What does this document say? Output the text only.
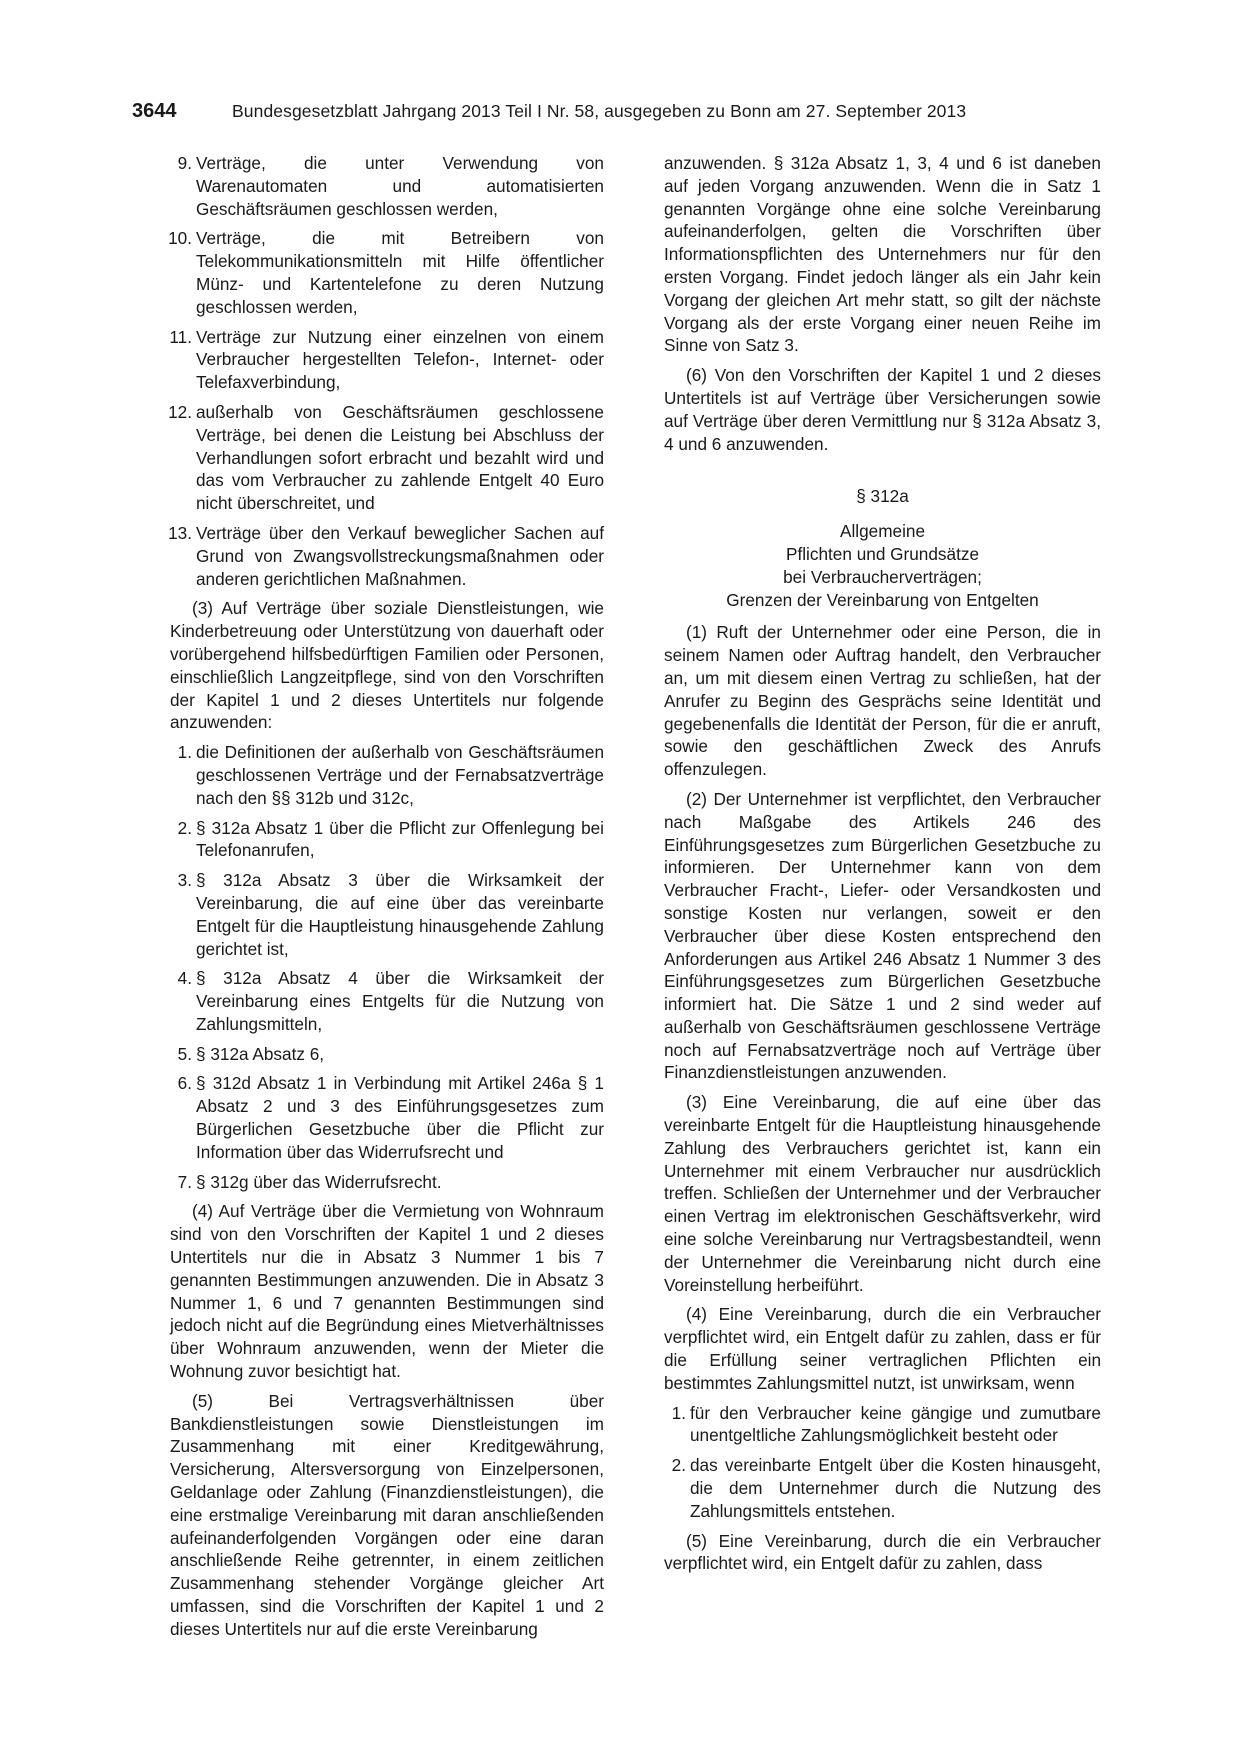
3644	Bundesgesetzblatt Jahrgang 2013 Teil I Nr. 58, ausgegeben zu Bonn am 27. September 2013
9. Verträge, die unter Verwendung von Warenautomaten und automatisierten Geschäftsräumen geschlossen werden,
10. Verträge, die mit Betreibern von Telekommunikationsmitteln mit Hilfe öffentlicher Münz- und Kartentelefone zu deren Nutzung geschlossen werden,
11. Verträge zur Nutzung einer einzelnen von einem Verbraucher hergestellten Telefon-, Internet- oder Telefaxverbindung,
12. außerhalb von Geschäftsräumen geschlossene Verträge, bei denen die Leistung bei Abschluss der Verhandlungen sofort erbracht und bezahlt wird und das vom Verbraucher zu zahlende Entgelt 40 Euro nicht überschreitet, und
13. Verträge über den Verkauf beweglicher Sachen auf Grund von Zwangsvollstreckungsmaßnahmen oder anderen gerichtlichen Maßnahmen.

(3) Auf Verträge über soziale Dienstleistungen, wie Kinderbetreuung oder Unterstützung von dauerhaft oder vorübergehend hilfsbedürftigen Familien oder Personen, einschließlich Langzeitpflege, sind von den Vorschriften der Kapitel 1 und 2 dieses Untertitels nur folgende anzuwenden:

1. die Definitionen der außerhalb von Geschäftsräumen geschlossenen Verträge und der Fernabsatzverträge nach den §§ 312b und 312c,
2. § 312a Absatz 1 über die Pflicht zur Offenlegung bei Telefonanrufen,
3. § 312a Absatz 3 über die Wirksamkeit der Vereinbarung, die auf eine über das vereinbarte Entgelt für die Hauptleistung hinausgehende Zahlung gerichtet ist,
4. § 312a Absatz 4 über die Wirksamkeit der Vereinbarung eines Entgelts für die Nutzung von Zahlungsmitteln,
5. § 312a Absatz 6,
6. § 312d Absatz 1 in Verbindung mit Artikel 246a § 1 Absatz 2 und 3 des Einführungsgesetzes zum Bürgerlichen Gesetzbuche über die Pflicht zur Information über das Widerrufsrecht und
7. § 312g über das Widerrufsrecht.

(4) Auf Verträge über die Vermietung von Wohnraum sind von den Vorschriften der Kapitel 1 und 2 dieses Untertitels nur die in Absatz 3 Nummer 1 bis 7 genannten Bestimmungen anzuwenden. Die in Absatz 3 Nummer 1, 6 und 7 genannten Bestimmungen sind jedoch nicht auf die Begründung eines Mietverhältnisses über Wohnraum anzuwenden, wenn der Mieter die Wohnung zuvor besichtigt hat.

(5) Bei Vertragsverhältnissen über Bankdienstleistungen sowie Dienstleistungen im Zusammenhang mit einer Kreditgewährung, Versicherung, Altersversorgung von Einzelpersonen, Geldanlage oder Zahlung (Finanzdienstleistungen), die eine erstmalige Vereinbarung mit daran anschließenden aufeinanderfolgenden Vorgängen oder eine daran anschließende Reihe getrennter, in einem zeitlichen Zusammenhang stehender Vorgänge gleicher Art umfassen, sind die Vorschriften der Kapitel 1 und 2 dieses Untertitels nur auf die erste Vereinbarung

anzuwenden. § 312a Absatz 1, 3, 4 und 6 ist daneben auf jeden Vorgang anzuwenden. Wenn die in Satz 1 genannten Vorgänge ohne eine solche Vereinbarung aufeinanderfolgen, gelten die Vorschriften über Informationspflichten des Unternehmers nur für den ersten Vorgang. Findet jedoch länger als ein Jahr kein Vorgang der gleichen Art mehr statt, so gilt der nächste Vorgang als der erste Vorgang einer neuen Reihe im Sinne von Satz 3.

(6) Von den Vorschriften der Kapitel 1 und 2 dieses Untertitels ist auf Verträge über Versicherungen sowie auf Verträge über deren Vermittlung nur § 312a Absatz 3, 4 und 6 anzuwenden.

§ 312a
Allgemeine
Pflichten und Grundsätze
bei Verbraucherverträgen;
Grenzen der Vereinbarung von Entgelten

(1) Ruft der Unternehmer oder eine Person, die in seinem Namen oder Auftrag handelt, den Verbraucher an, um mit diesem einen Vertrag zu schließen, hat der Anrufer zu Beginn des Gesprächs seine Identität und gegebenenfalls die Identität der Person, für die er anruft, sowie den geschäftlichen Zweck des Anrufs offenzulegen.

(2) Der Unternehmer ist verpflichtet, den Verbraucher nach Maßgabe des Artikels 246 des Einführungsgesetzes zum Bürgerlichen Gesetzbuche zu informieren. Der Unternehmer kann von dem Verbraucher Fracht-, Liefer- oder Versandkosten und sonstige Kosten nur verlangen, soweit er den Verbraucher über diese Kosten entsprechend den Anforderungen aus Artikel 246 Absatz 1 Nummer 3 des Einführungsgesetzes zum Bürgerlichen Gesetzbuche informiert hat. Die Sätze 1 und 2 sind weder auf außerhalb von Geschäftsräumen geschlossene Verträge noch auf Fernabsatzverträge noch auf Verträge über Finanzdienstleistungen anzuwenden.

(3) Eine Vereinbarung, die auf eine über das vereinbarte Entgelt für die Hauptleistung hinausgehende Zahlung des Verbrauchers gerichtet ist, kann ein Unternehmer mit einem Verbraucher nur ausdrücklich treffen. Schließen der Unternehmer und der Verbraucher einen Vertrag im elektronischen Geschäftsverkehr, wird eine solche Vereinbarung nur Vertragsbestandteil, wenn der Unternehmer die Vereinbarung nicht durch eine Voreinstellung herbeiführt.

(4) Eine Vereinbarung, durch die ein Verbraucher verpflichtet wird, ein Entgelt dafür zu zahlen, dass er für die Erfüllung seiner vertraglichen Pflichten ein bestimmtes Zahlungsmittel nutzt, ist unwirksam, wenn

1. für den Verbraucher keine gängige und zumutbare unentgeltliche Zahlungsmöglichkeit besteht oder
2. das vereinbarte Entgelt über die Kosten hinausgeht, die dem Unternehmer durch die Nutzung des Zahlungsmittels entstehen.

(5) Eine Vereinbarung, durch die ein Verbraucher verpflichtet wird, ein Entgelt dafür zu zahlen, dass
